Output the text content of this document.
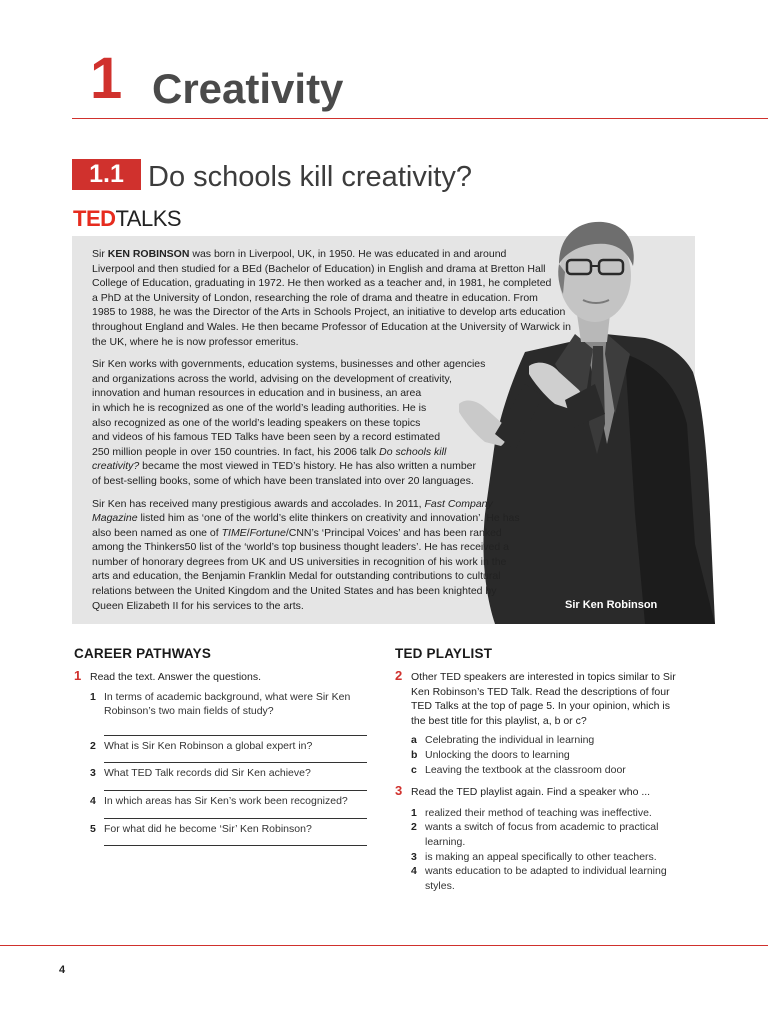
1 Creativity
1.1 Do schools kill creativity?
TEDTALKS
Sir Ken Robinson

Sir KEN ROBINSON was born in Liverpool, UK, in 1950. He was educated in and around
Liverpool and then studied for a BEd (Bachelor of Education) in English and drama at Bretton Hall
College of Education, graduating in 1972. He then worked as a teacher and, in 1981, he completed
a PhD at the University of London, researching the role of drama and theatre in education. From
1985 to 1988, he was the Director of the Arts in Schools Project, an initiative to develop arts education
throughout England and Wales. He then became Professor of Education at the University of Warwick in
the UK, where he is now professor emeritus.

Sir Ken works with governments, education systems, businesses and other agencies
and organizations across the world, advising on the development of creativity,
innovation and human resources in education and in business, an area
in which he is recognized as one of the world’s leading authorities. He is
also recognized as one of the world’s leading speakers on these topics
and videos of his famous TED Talks have been seen by a record estimated
250 million people in over 150 countries. In fact, his 2006 talk Do schools kill
creativity? became the most viewed in TED’s history. He has also written a number
of best-selling books, some of which have been translated into over 20 languages.

Sir Ken has received many prestigious awards and accolades. In 2011, Fast Company
Magazine listed him as ‘one of the world’s elite thinkers on creativity and innovation’. He has
also been named as one of TIME/Fortune/CNN’s ‘Principal Voices’ and has been ranked
among the Thinkers50 list of the ‘world’s top business thought leaders’. He has received a
number of honorary degrees from UK and US universities in recognition of his work in the
arts and education, the Benjamin Franklin Medal for outstanding contributions to cultural
relations between the United Kingdom and the United States and has been knighted by
Queen Elizabeth II for his services to the arts.

CAREER PATHWAYS
1 Read the text. Answer the questions.
1 In terms of academic background, what were Sir Ken
Robinson’s two main fields of study?
2 What is Sir Ken Robinson a global expert in?
3 What TED Talk records did Sir Ken achieve?
4 In which areas has Sir Ken’s work been recognized?
5 For what did he become ‘Sir’ Ken Robinson?
TED PLAYLIST
2 Other TED speakers are interested in topics similar to Sir
Ken Robinson’s TED Talk. Read the descriptions of four
TED Talks at the top of page 5. In your opinion, which is
the best title for this playlist, a, b or c?
a Celebrating the individual in learning
b Unlocking the doors to learning
c Leaving the textbook at the classroom door
3 Read the TED playlist again. Find a speaker who ...
1 realized their method of teaching was ineffective.
2 wants a switch of focus from academic to practical
learning.
3 is making an appeal specifically to other teachers.
4 wants education to be adapted to individual learning
styles.
4
